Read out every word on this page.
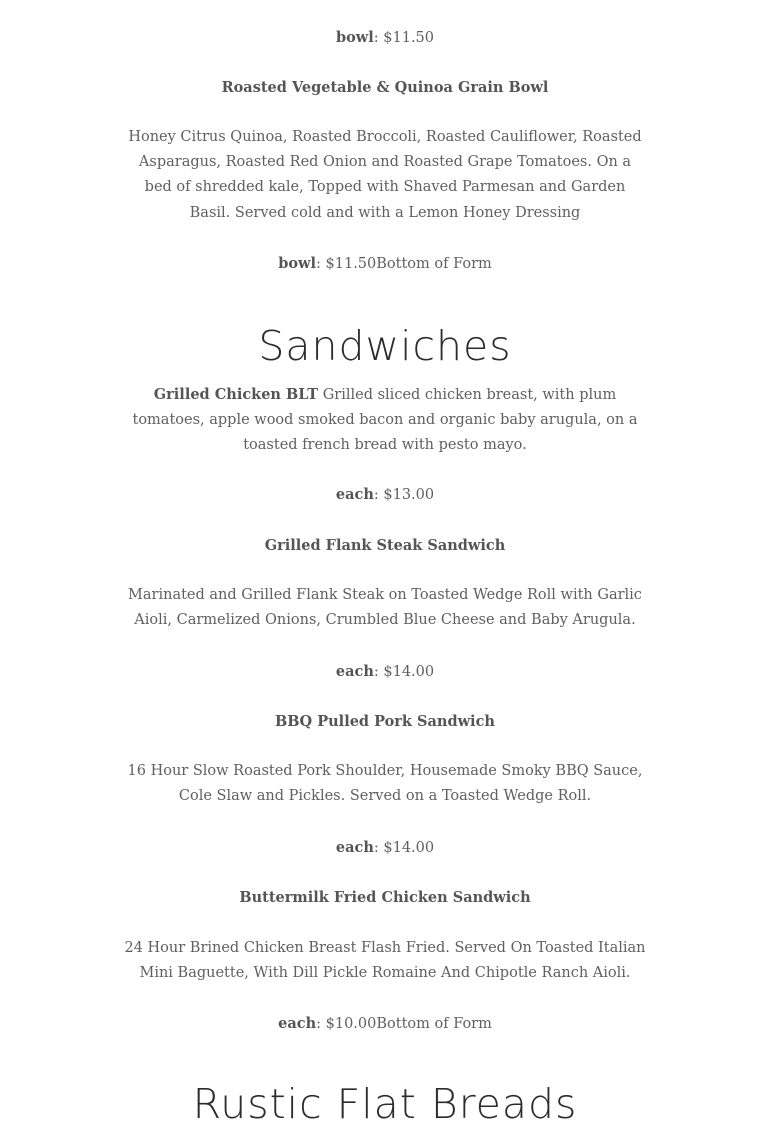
bowl: $11.50

Roasted Vegetable & Quinoa Grain Bowl

Honey Citrus Quinoa, Roasted Broccoli, Roasted Cauliflower, Roasted Asparagus, Roasted Red Onion and Roasted Grape Tomatoes. On a bed of shredded kale, Topped with Shaved Parmesan and Garden Basil. Served cold and with a Lemon Honey Dressing

bowl: $11.50Bottom of Form

Sandwiches

Grilled Chicken BLT Grilled sliced chicken breast, with plum tomatoes, apple wood smoked bacon and organic baby arugula, on a toasted french bread with pesto mayo.

each: $13.00

Grilled Flank Steak Sandwich

Marinated and Grilled Flank Steak on Toasted Wedge Roll with Garlic Aioli, Carmelized Onions, Crumbled Blue Cheese and Baby Arugula.

each: $14.00

BBQ Pulled Pork Sandwich

16 Hour Slow Roasted Pork Shoulder, Housemade Smoky BBQ Sauce, Cole Slaw and Pickles. Served on a Toasted Wedge Roll.

each: $14.00

Buttermilk Fried Chicken Sandwich

24 Hour Brined Chicken Breast Flash Fried. Served On Toasted Italian Mini Baguette, With Dill Pickle Romaine And Chipotle Ranch Aioli.

each: $10.00Bottom of Form

Rustic Flat Breads
